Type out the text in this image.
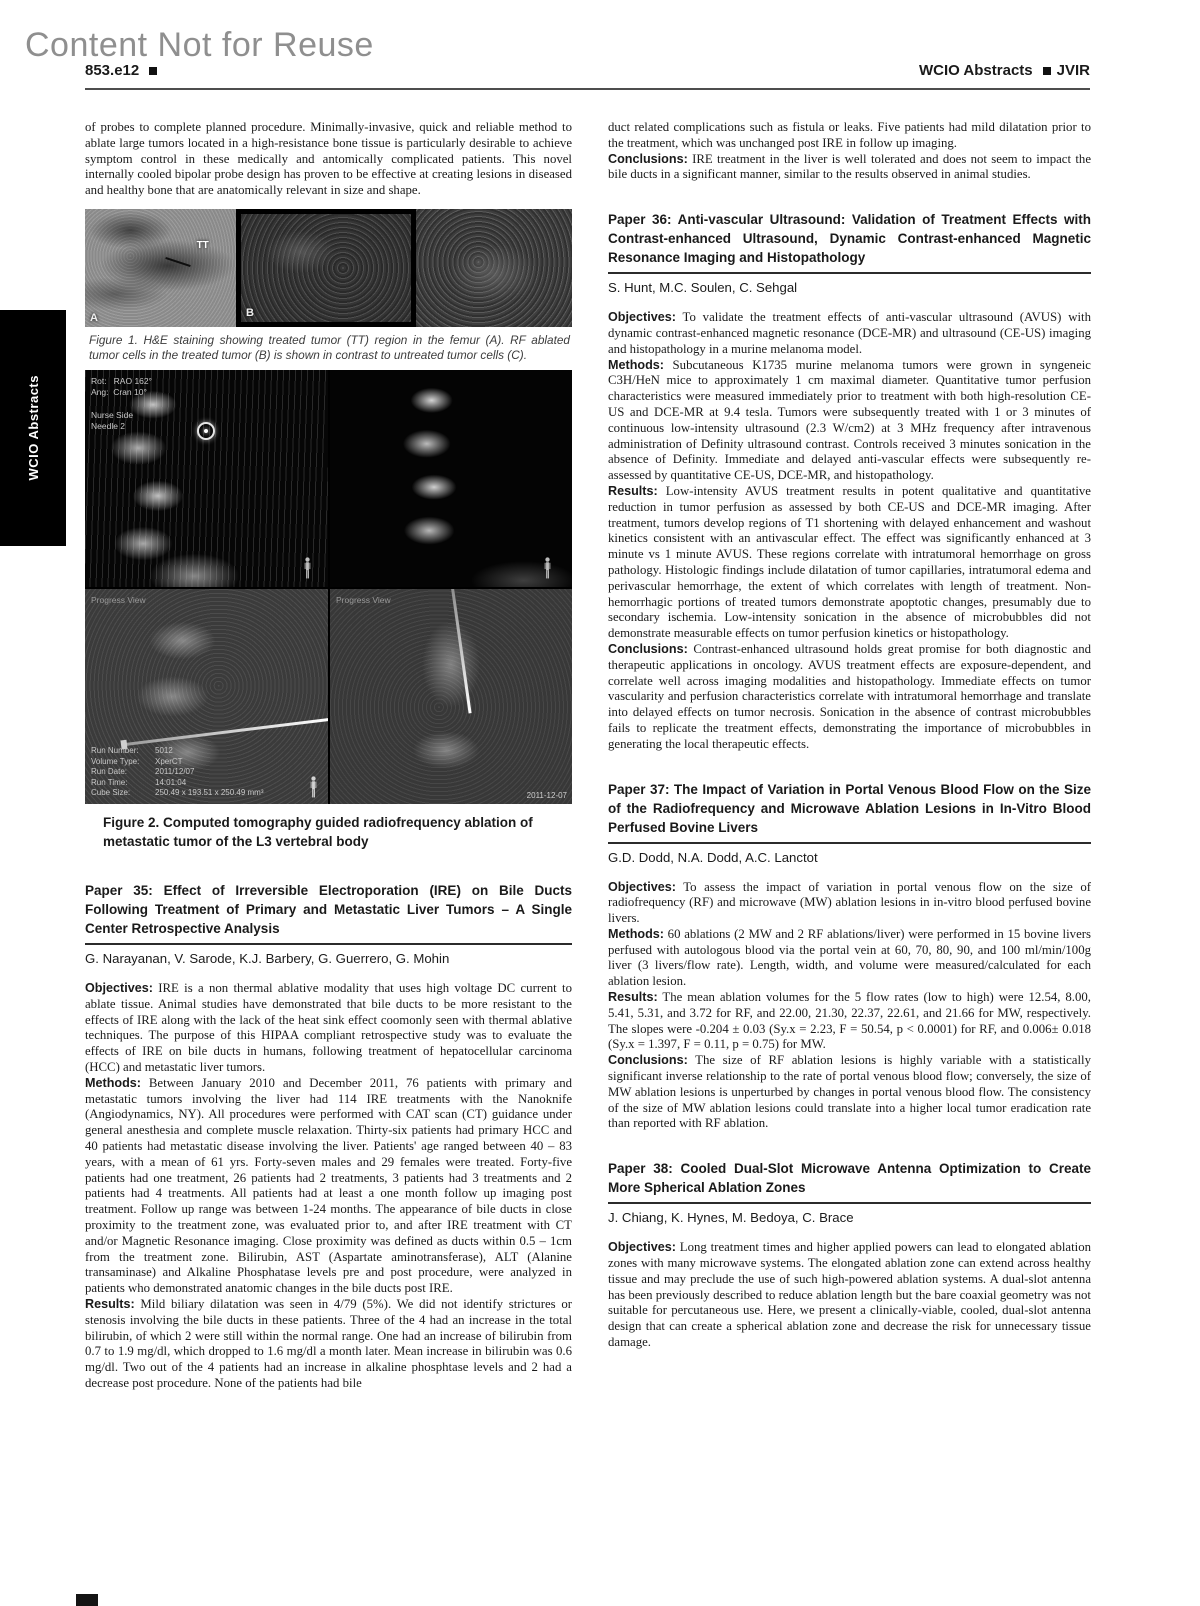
Content Not for Reuse
853.e12	WCIO Abstracts JVIR
WCIO Abstracts

of probes to complete planned procedure. Minimally-invasive, quick and reliable method to ablate large tumors located in a high-resistance bone tissue is particularly desirable to achieve symptom control in these medically and antomically complicated patients. This novel internally cooled bipolar probe design has proven to be effective at creating lesions in diseased and healthy bone that are anatomically relevant in size and shape.

TT
A	B
Figure 1. H&E staining showing treated tumor (TT) region in the femur (A). RF ablated tumor cells in the treated tumor (B) is shown in contrast to untreated tumor cells (C).
Rot:   RAO 162°
Ang:  Cran 10°
Nurse Side
Needle 2
Progress View
Run Number: 5012
Volume Type: XperCT
Run Date:	2011/12/07
Run Time:	14:01:04
Cube Size:	250.49 x 193.51 x 250.49 mm³
Progress View
2011-12-07
Figure 2. Computed tomography guided radiofrequency ablation of metastatic tumor of the L3 vertebral body
Paper 35: Effect of Irreversible Electroporation (IRE) on Bile Ducts Following Treatment of Primary and Metastatic Liver Tumors – A Single Center Retrospective Analysis
G. Narayanan, V. Sarode, K.J. Barbery, G. Guerrero, G. Mohin

Objectives: IRE is a non thermal ablative modality that uses high voltage DC current to ablate tissue. Animal studies have demonstrated that bile ducts to be more resistant to the effects of IRE along with the lack of the heat sink effect coomonly seen with thermal ablative techniques. The purpose of this HIPAA compliant retrospective study was to evaluate the effects of IRE on bile ducts in humans, following treatment of hepatocellular carcinoma (HCC) and metastatic liver tumors.

Methods: Between January 2010 and December 2011, 76 patients with primary and metastatic tumors involving the liver had 114 IRE treatments with the Nanoknife (Angiodynamics, NY). All procedures were performed with CAT scan (CT) guidance under general anesthesia and complete muscle relaxation. Thirty-six patients had primary HCC and 40 patients had metastatic disease involving the liver. Patients' age ranged between 40 – 83 years, with a mean of 61 yrs. Forty-seven males and 29 females were treated. Forty-five patients had one treatment, 26 patients had 2 treatments, 3 patients had 3 treatments and 2 patients had 4 treatments. All patients had at least a one month follow up imaging post treatment. Follow up range was between 1-24 months. The appearance of bile ducts in close proximity to the treatment zone, was evaluated prior to, and after IRE treatment with CT and/or Magnetic Resonance imaging. Close proximity was defined as ducts within 0.5 – 1cm from the treatment zone. Bilirubin, AST (Aspartate aminotransferase), ALT (Alanine transaminase) and Alkaline Phosphatase levels pre and post procedure, were analyzed in patients who demonstrated anatomic changes in the bile ducts post IRE.

Results: Mild biliary dilatation was seen in 4/79 (5%). We did not identify strictures or stenosis involving the bile ducts in these patients. Three of the 4 had an increase in the total bilirubin, of which 2 were still within the normal range. One had an increase of bilirubin from 0.7 to 1.9 mg/dl, which dropped to 1.6 mg/dl a month later. Mean increase in bilirubin was 0.6 mg/dl. Two out of the 4 patients had an increase in alkaline phosphtase levels and 2 had a decrease post procedure. None of the patients had bile

duct related complications such as fistula or leaks. Five patients had mild dilatation prior to the treatment, which was unchanged post IRE in follow up imaging.

Conclusions: IRE treatment in the liver is well tolerated and does not seem to impact the bile ducts in a significant manner, similar to the results observed in animal studies.

Paper 36: Anti-vascular Ultrasound: Validation of Treatment Effects with Contrast-enhanced Ultrasound, Dynamic Contrast-enhanced Magnetic Resonance Imaging and Histopathology
S. Hunt, M.C. Soulen, C. Sehgal

Objectives: To validate the treatment effects of anti-vascular ultrasound (AVUS) with dynamic contrast-enhanced magnetic resonance (DCE-MR) and ultrasound (CE-US) imaging and histopathology in a murine melanoma model.

Methods: Subcutaneous K1735 murine melanoma tumors were grown in syngeneic C3H/HeN mice to approximately 1 cm maximal diameter. Quantitative tumor perfusion characteristics were measured immediately prior to treatment with both high-resolution CE-US and DCE-MR at 9.4 tesla. Tumors were subsequently treated with 1 or 3 minutes of continuous low-intensity ultrasound (2.3 W/cm2) at 3 MHz frequency after intravenous administration of Definity ultrasound contrast. Controls received 3 minutes sonication in the absence of Definity. Immediate and delayed anti-vascular effects were subsequently re-assessed by quantitative CE-US, DCE-MR, and histopathology.

Results: Low-intensity AVUS treatment results in potent qualitative and quantitative reduction in tumor perfusion as assessed by both CE-US and DCE-MR imaging. After treatment, tumors develop regions of T1 shortening with delayed enhancement and washout kinetics consistent with an antivascular effect. The effect was significantly enhanced at 3 minute vs 1 minute AVUS. These regions correlate with intratumoral hemorrhage on gross pathology. Histologic findings include dilatation of tumor capillaries, intratumoral edema and perivascular hemorrhage, the extent of which correlates with length of treatment. Non-hemorrhagic portions of treated tumors demonstrate apoptotic changes, presumably due to secondary ischemia. Low-intensity sonication in the absence of microbubbles did not demonstrate measurable effects on tumor perfusion kinetics or histopathology.

Conclusions: Contrast-enhanced ultrasound holds great promise for both diagnostic and therapeutic applications in oncology. AVUS treatment effects are exposure-dependent, and correlate well across imaging modalities and histopathology. Immediate effects on tumor vascularity and perfusion characteristics correlate with intratumoral hemorrhage and translate into delayed effects on tumor necrosis. Sonication in the absence of contrast microbubbles fails to replicate the treatment effects, demonstrating the importance of microbubbles in generating the local therapeutic effects.

Paper 37: The Impact of Variation in Portal Venous Blood Flow on the Size of the Radiofrequency and Microwave Ablation Lesions in In-Vitro Blood Perfused Bovine Livers
G.D. Dodd, N.A. Dodd, A.C. Lanctot

Objectives: To assess the impact of variation in portal venous flow on the size of radiofrequency (RF) and microwave (MW) ablation lesions in in-vitro blood perfused bovine livers.

Methods: 60 ablations (2 MW and 2 RF ablations/liver) were performed in 15 bovine livers perfused with autologous blood via the portal vein at 60, 70, 80, 90, and 100 ml/min/100g liver (3 livers/flow rate). Length, width, and volume were measured/calculated for each ablation lesion.

Results: The mean ablation volumes for the 5 flow rates (low to high) were 12.54, 8.00, 5.41, 5.31, and 3.72 for RF, and 22.00, 21.30, 22.37, 22.61, and 21.66 for MW, respectively. The slopes were -0.204 ± 0.03 (Sy.x = 2.23, F = 50.54, p < 0.0001) for RF, and 0.006± 0.018 (Sy.x = 1.397, F = 0.11, p = 0.75) for MW.

Conclusions: The size of RF ablation lesions is highly variable with a statistically significant inverse relationship to the rate of portal venous blood flow; conversely, the size of MW ablation lesions is unperturbed by changes in portal venous blood flow. The consistency of the size of MW ablation lesions could translate into a higher local tumor eradication rate than reported with RF ablation.

Paper 38: Cooled Dual-Slot Microwave Antenna Optimization to Create More Spherical Ablation Zones
J. Chiang, K. Hynes, M. Bedoya, C. Brace

Objectives: Long treatment times and higher applied powers can lead to elongated ablation zones with many microwave systems. The elongated ablation zone can extend across healthy tissue and may preclude the use of such high-powered ablation systems. A dual-slot antenna has been previously described to reduce ablation length but the bare coaxial geometry was not suitable for percutaneous use. Here, we present a clinically-viable, cooled, dual-slot antenna design that can create a spherical ablation zone and decrease the risk for unnecessary tissue damage.
